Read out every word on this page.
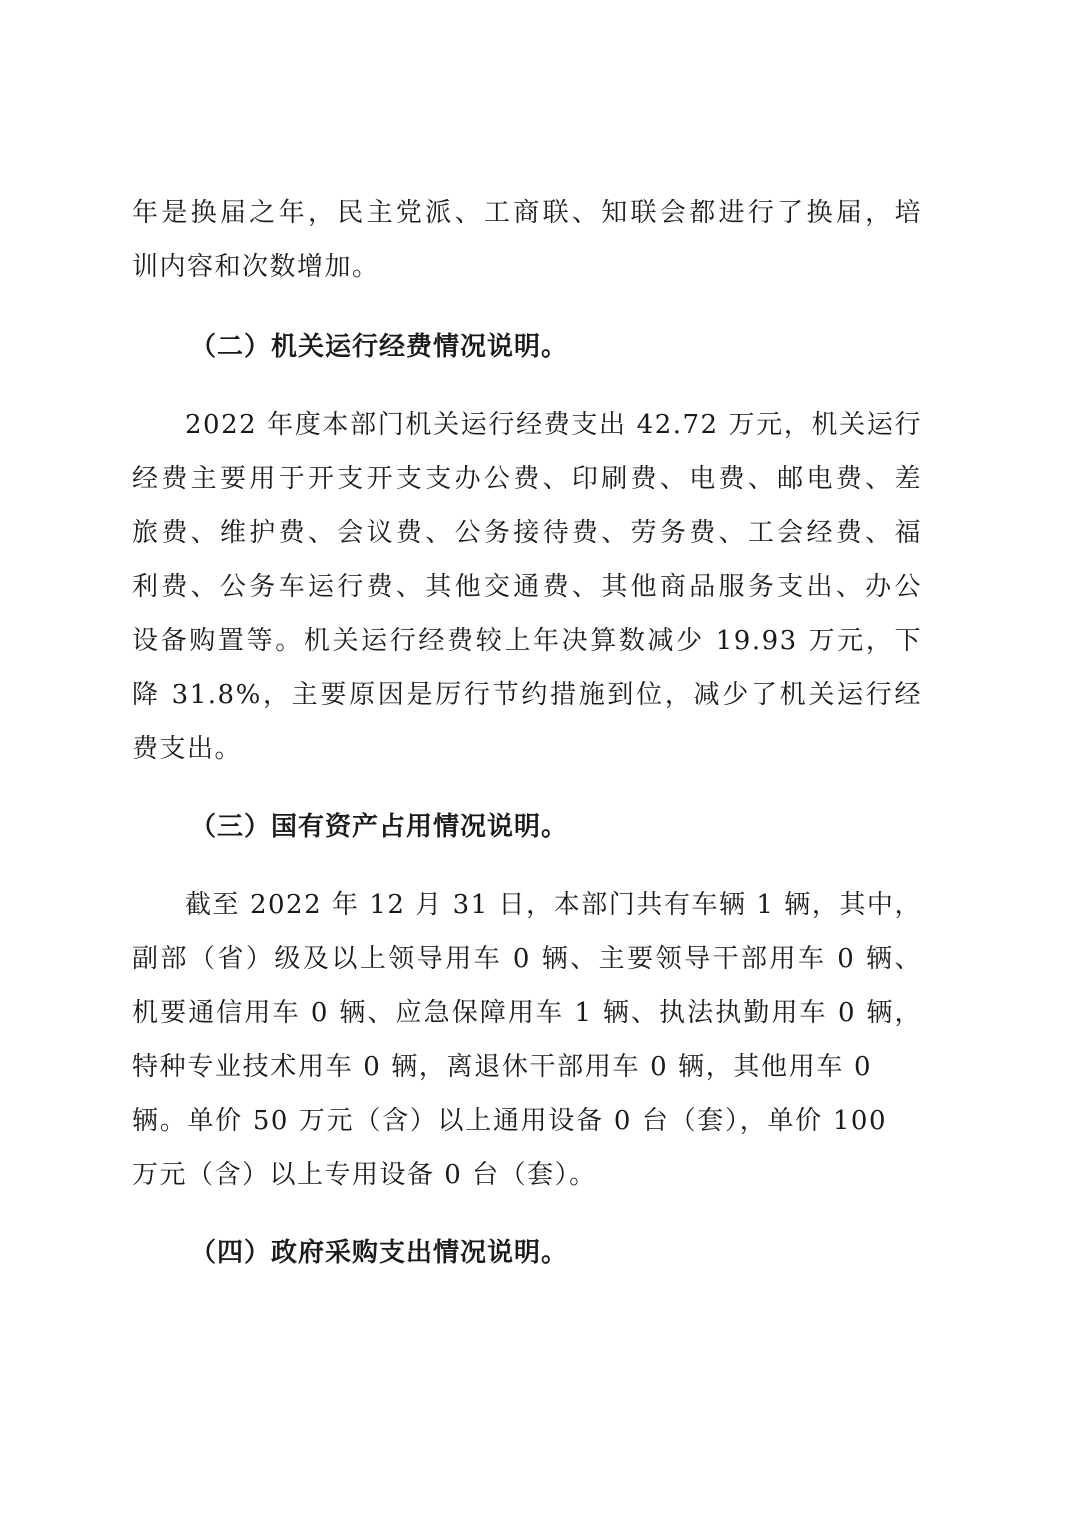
年是换届之年，民主党派、工商联、知联会都进行了换届，培
训内容和次数增加。
（二）机关运行经费情况说明。
2022 年度本部门机关运行经费支出 42.72 万元，机关运行
经费主要用于开支开支支办公费、印刷费、电费、邮电费、差
旅费、维护费、会议费、公务接待费、劳务费、工会经费、福
利费、公务车运行费、其他交通费、其他商品服务支出、办公
设备购置等。机关运行经费较上年决算数减少 19.93 万元，下
降 31.8%，主要原因是厉行节约措施到位，减少了机关运行经
费支出。
（三）国有资产占用情况说明。
截至 2022 年 12 月 31 日，本部门共有车辆 1 辆，其中，
副部（省）级及以上领导用车 0 辆、主要领导干部用车 0 辆、
机要通信用车 0 辆、应急保障用车 1 辆、执法执勤用车 0 辆，
特种专业技术用车 0 辆，离退休干部用车 0 辆，其他用车 0
辆。单价 50 万元（含）以上通用设备 0 台（套），单价 100
万元（含）以上专用设备 0 台（套）。
（四）政府采购支出情况说明。
